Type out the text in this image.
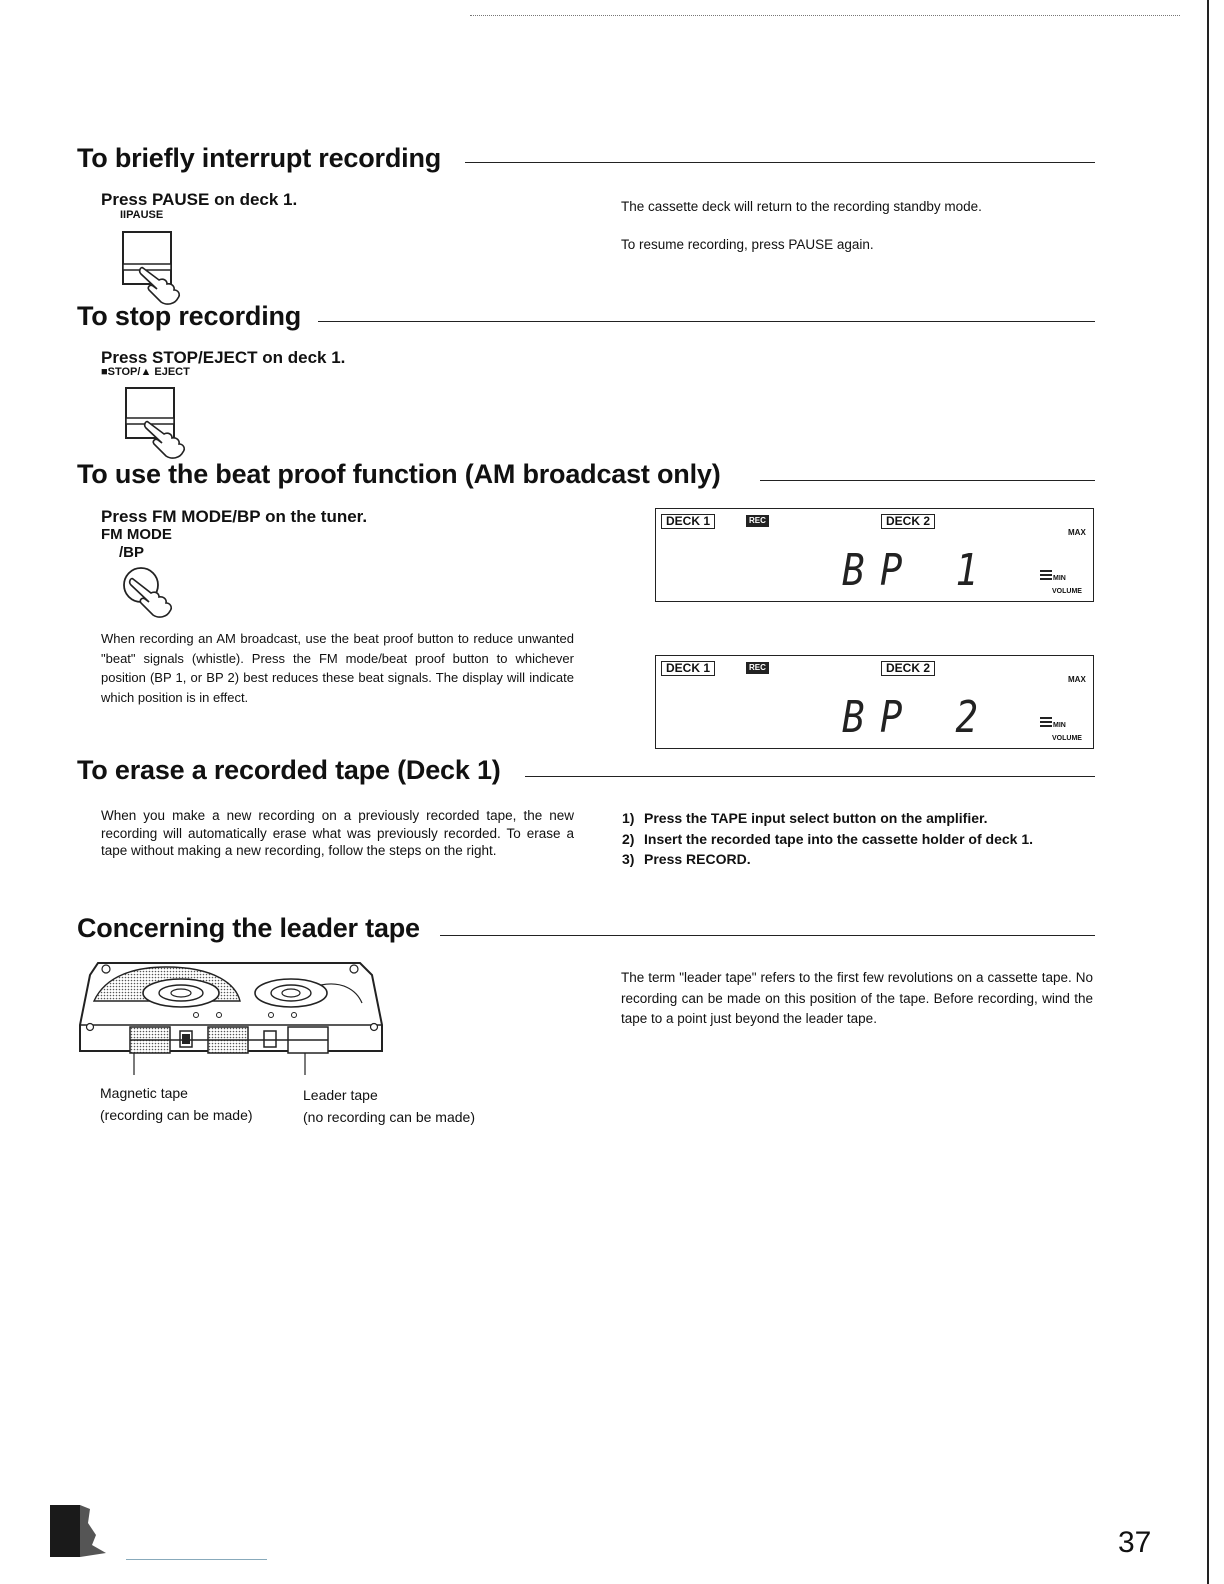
To briefly interrupt recording
Press PAUSE on deck 1.
IIPAUSE
The cassette deck will return to the recording standby mode.
To resume recording, press PAUSE again.
To stop recording
Press STOP/EJECT on deck 1.
■STOP/▲ EJECT
To use the beat proof function (AM broadcast only)
Press FM MODE/BP on the tuner.
FM MODE
/BP
When recording an AM broadcast, use the beat proof button to reduce unwanted "beat" signals (whistle). Press the FM mode/beat proof button to whichever position (BP 1, or BP 2) best reduces these beat signals. The display will indicate which position is in effect.
DECK 1	REC	DECK 2
MAX
BP 1	MIN
VOLUME
DECK 1	REC	DECK 2
MAX
BP 2	MIN
VOLUME
To erase a recorded tape (Deck 1)
When you make a new recording on a previously recorded tape, the new recording will automatically erase what was previously recorded. To erase a tape without making a new recording, follow the steps on the right.
1) Press the TAPE input select button on the amplifier.
2) Insert the recorded tape into the cassette holder of deck 1.
3) Press RECORD.
Concerning the leader tape
Magnetic tape
(recording can be made)
Leader tape
(no recording can be made)
The term "leader tape" refers to the first few revolutions on a cassette tape. No recording can be made on this position of the tape. Before recording, wind the tape to a point just beyond the leader tape.
37
